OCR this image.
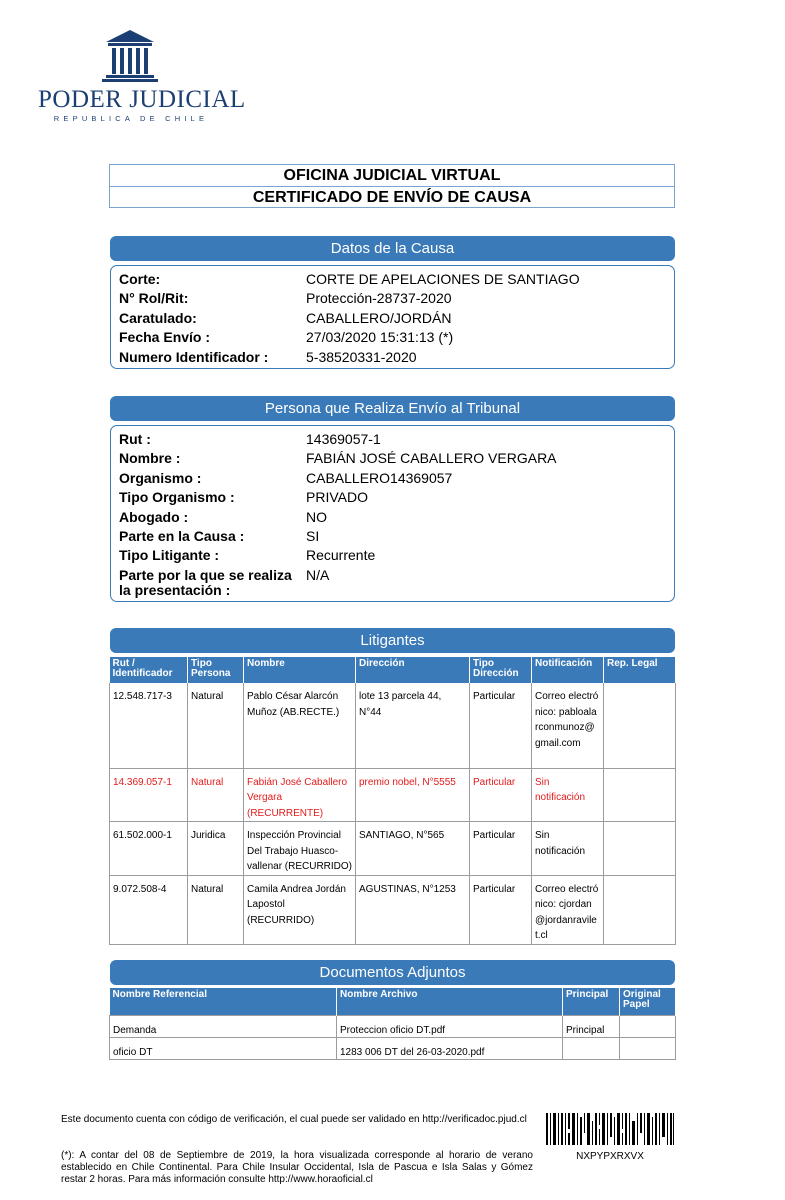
PODER JUDICIAL
REPUBLICA DE CHILE
OFICINA JUDICIAL VIRTUAL
CERTIFICADO DE ENVÍO DE CAUSA
Datos de la Causa
Corte:	CORTE DE APELACIONES DE SANTIAGO
N° Rol/Rit:	Protección-28737-2020
Caratulado:	CABALLERO/JORDÁN
Fecha Envío :	27/03/2020 15:31:13 (*)
Numero Identificador :	5-38520331-2020
Persona que Realiza Envío al Tribunal
Rut :	14369057-1
Nombre :	FABIÁN JOSÉ CABALLERO VERGARA
Organismo :	CABALLERO14369057
Tipo Organismo :	PRIVADO
Abogado :	NO
Parte en la Causa :	SI
Tipo Litigante :	Recurrente
Parte por la que se realiza la presentación :
N/A
Litigantes
Rut / Identificador	Tipo Persona	Nombre	Dirección	Tipo Dirección	Notificación	Rep. Legal
12.548.717-3	Natural	Pablo César Alarcón Muñoz (AB.RECTE.)	lote 13 parcela 44, N°44	Particular	Correo electrónico: pabloalarconmunoz@gmail.com	
14.369.057-1	Natural	Fabián José Caballero Vergara (RECURRENTE)	premio nobel, N°5555	Particular	Sin notificación	
61.502.000-1	Juridica	Inspección Provincial Del Trabajo Huasco-vallenar (RECURRIDO)	SANTIAGO, N°565	Particular	Sin notificación	
9.072.508-4	Natural	Camila Andrea Jordán Lapostol (RECURRIDO)	AGUSTINAS, N°1253	Particular	Correo electrónico: cjordan@jordanravilet.cl	
Documentos Adjuntos
Nombre Referencial	Nombre Archivo	Principal	Original Papel
Demanda	Proteccion oficio DT.pdf	Principal	
oficio DT	1283 006 DT del 26-03-2020.pdf		
Este documento cuenta con código de verificación, el cual puede ser validado en http://verificadoc.pjud.cl
(*): A contar del 08 de Septiembre de 2019, la hora visualizada corresponde al horario de verano establecido en Chile Continental. Para Chile Insular Occidental, Isla de Pascua e Isla Salas y Gómez restar 2 horas. Para más información consulte http://www.horaoficial.cl
NXPYPXRXVX
